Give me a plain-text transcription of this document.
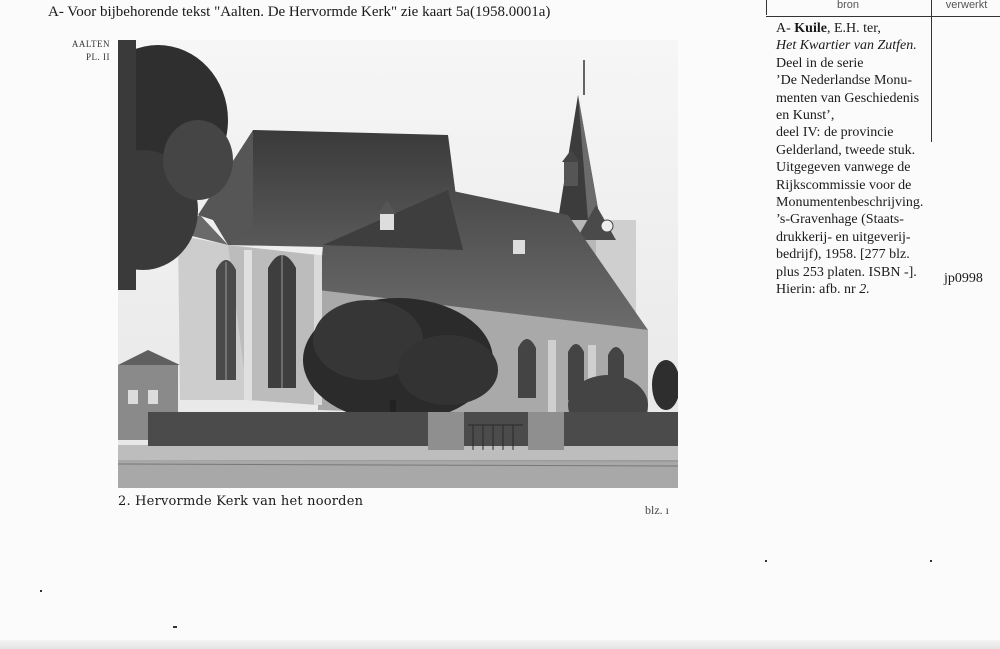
A- Voor bijbehorende tekst "Aalten. De Hervormde Kerk" zie kaart 5a(1958.0001a)
AALTEN
PL. II
2. Hervormde Kerk van het noorden
blz. ı
bron	verwerkt
A- Kuile, E.H. ter,
Het Kwartier van Zutfen.
Deel in de serie
’De Nederlandse Monu-
menten van Geschiedenis
en Kunst’,
deel IV: de provincie
Gelderland, tweede stuk.
Uitgegeven vanwege de
Rijkscommissie voor de
Monumentenbeschrijving.
’s-Gravenhage (Staats-
drukkerij- en uitgeverij-
bedrijf), 1958. [277 blz.
plus 253 platen. ISBN -].
Hierin: afb. nr 2.
jp0998
